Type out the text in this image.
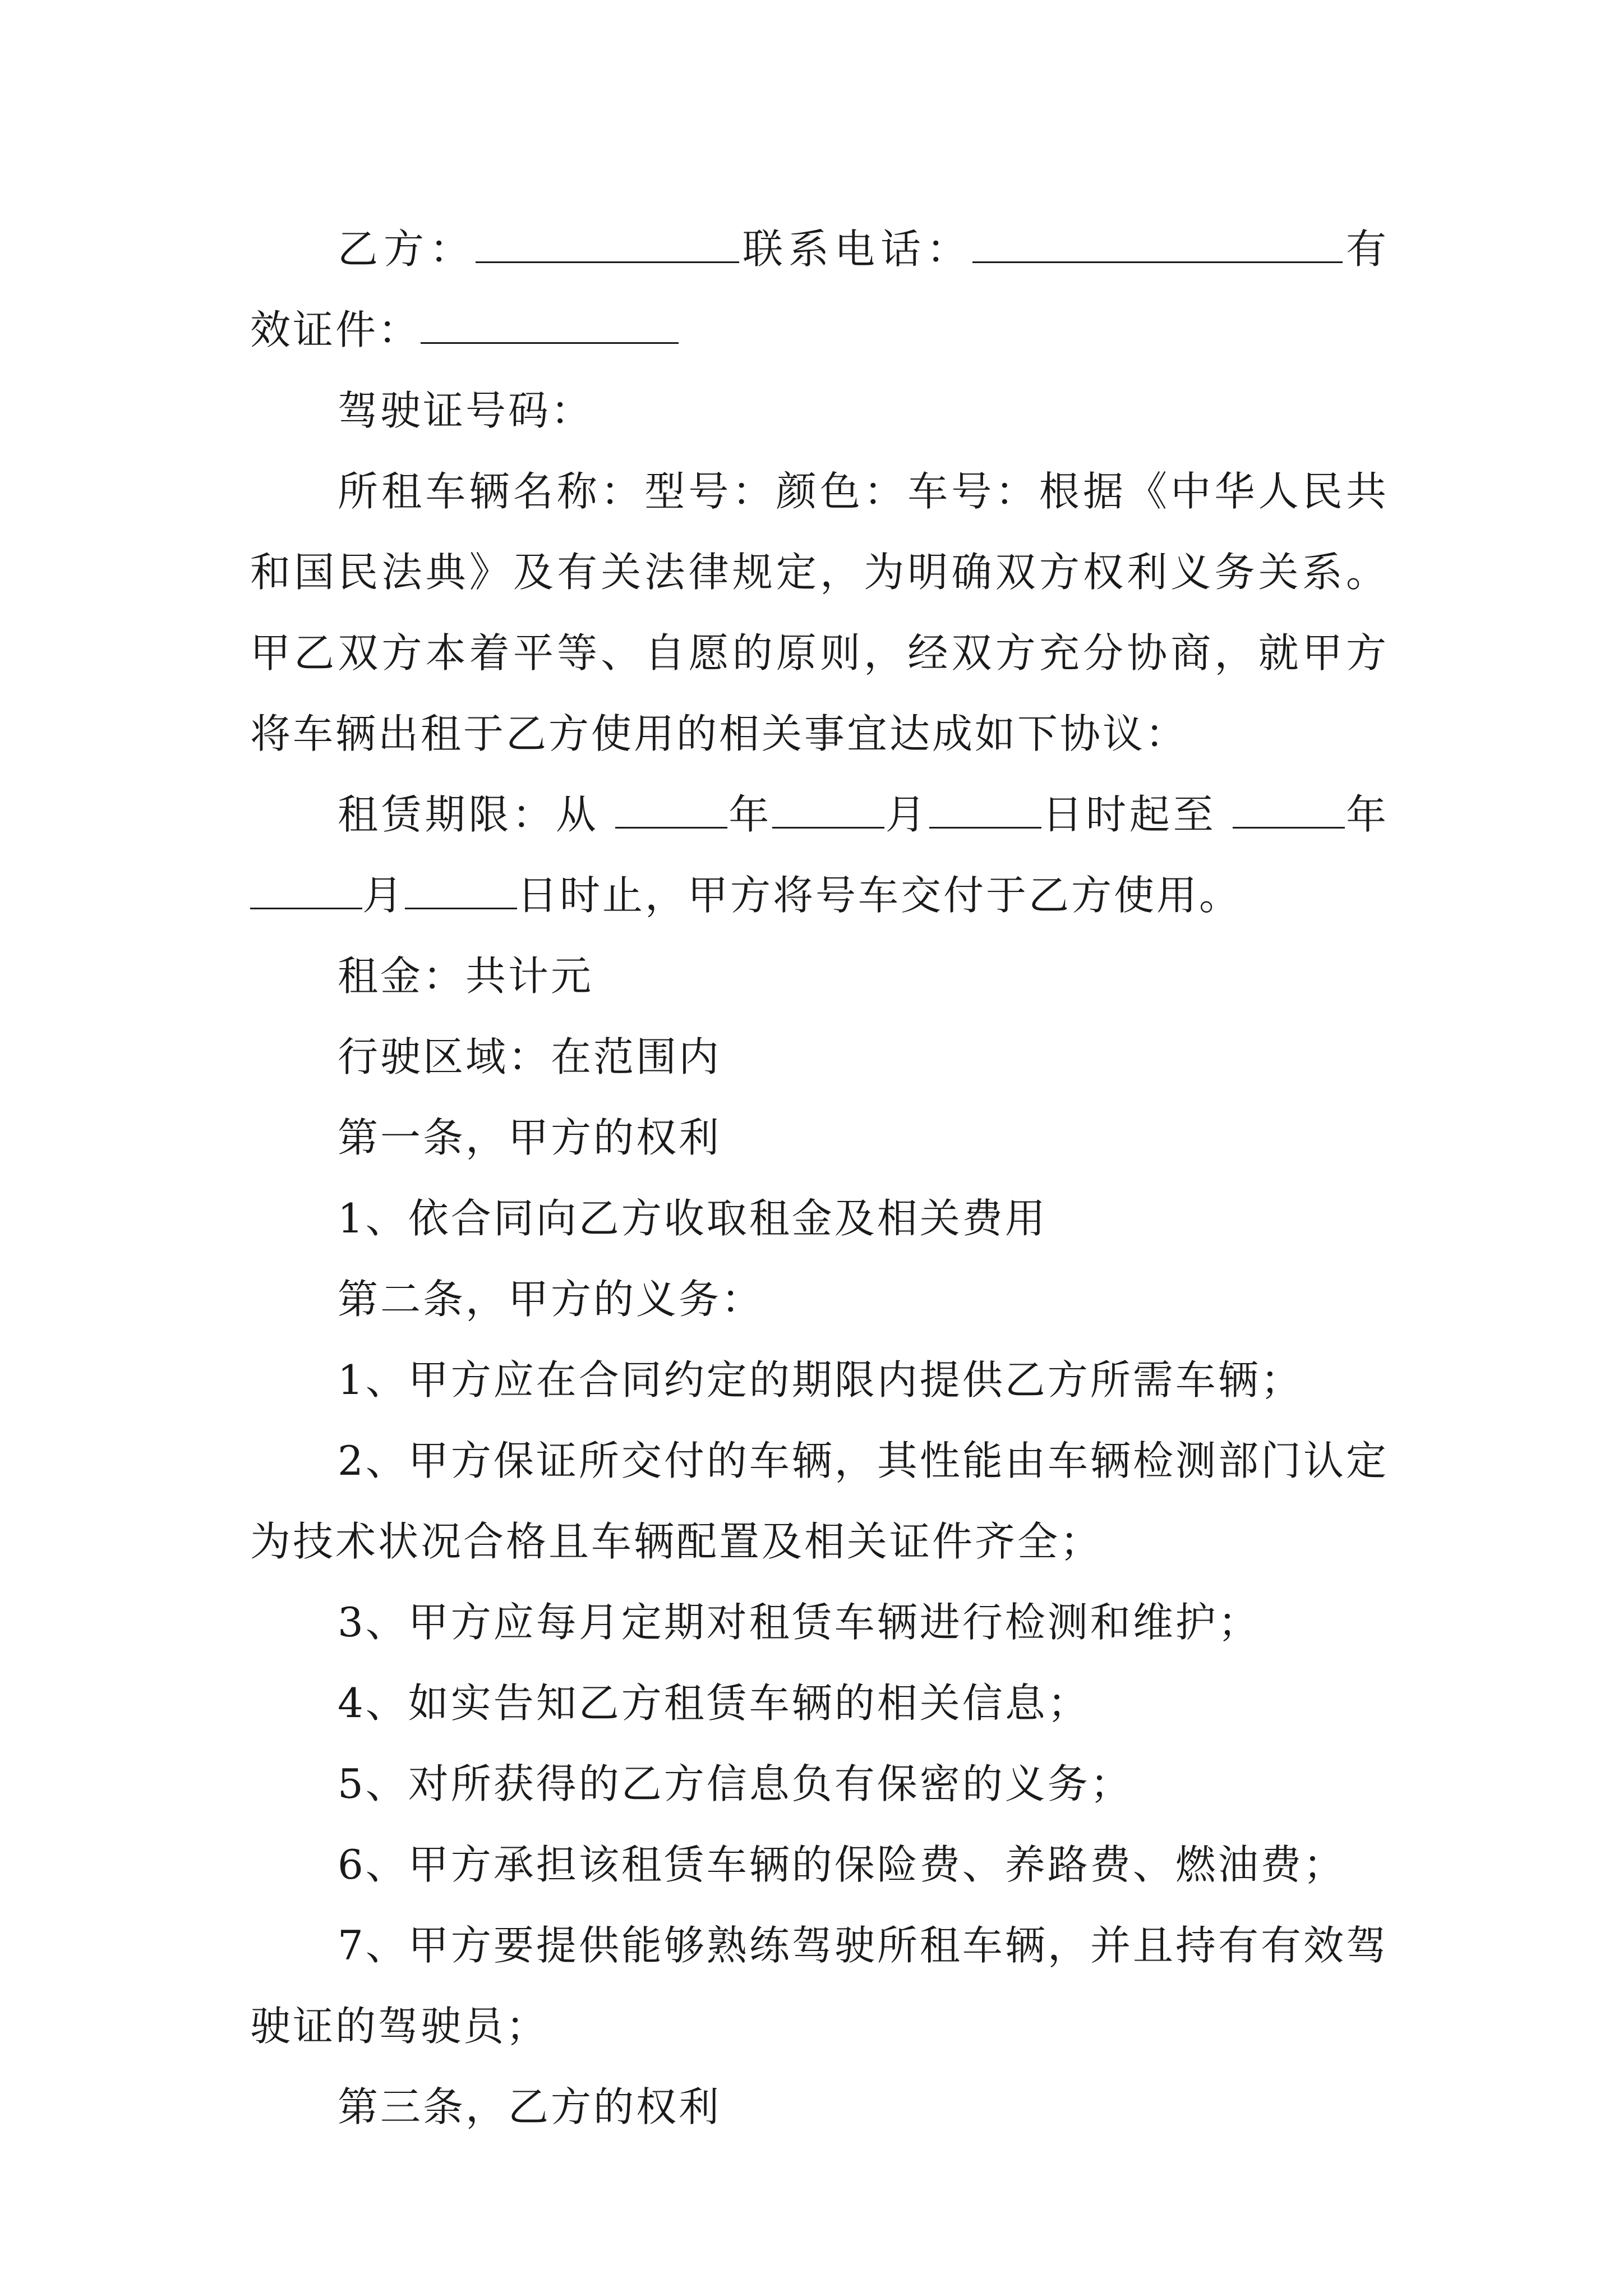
乙方：	联系电话：	有效证件：

驾驶证号码：

所租车辆名称：型号：颜色：车号：根据《中华人民共和国民法典》及有关法律规定，为明确双方权利义务关系。甲乙双方本着平等、自愿的原则，经双方充分协商，就甲方将车辆出租于乙方使用的相关事宜达成如下协议：

租赁期限：从	年	月	日时起至	年月	日时止，甲方将号车交付于乙方使用。

租金：共计元

行驶区域：在范围内

第一条，甲方的权利

1、依合同向乙方收取租金及相关费用

第二条，甲方的义务：

1、甲方应在合同约定的期限内提供乙方所需车辆；

2、甲方保证所交付的车辆，其性能由车辆检测部门认定为技术状况合格且车辆配置及相关证件齐全；

3、甲方应每月定期对租赁车辆进行检测和维护；

4、如实告知乙方租赁车辆的相关信息；

5、对所获得的乙方信息负有保密的义务；

6、甲方承担该租赁车辆的保险费、养路费、燃油费；

7、甲方要提供能够熟练驾驶所租车辆，并且持有有效驾驶证的驾驶员；

第三条，乙方的权利
